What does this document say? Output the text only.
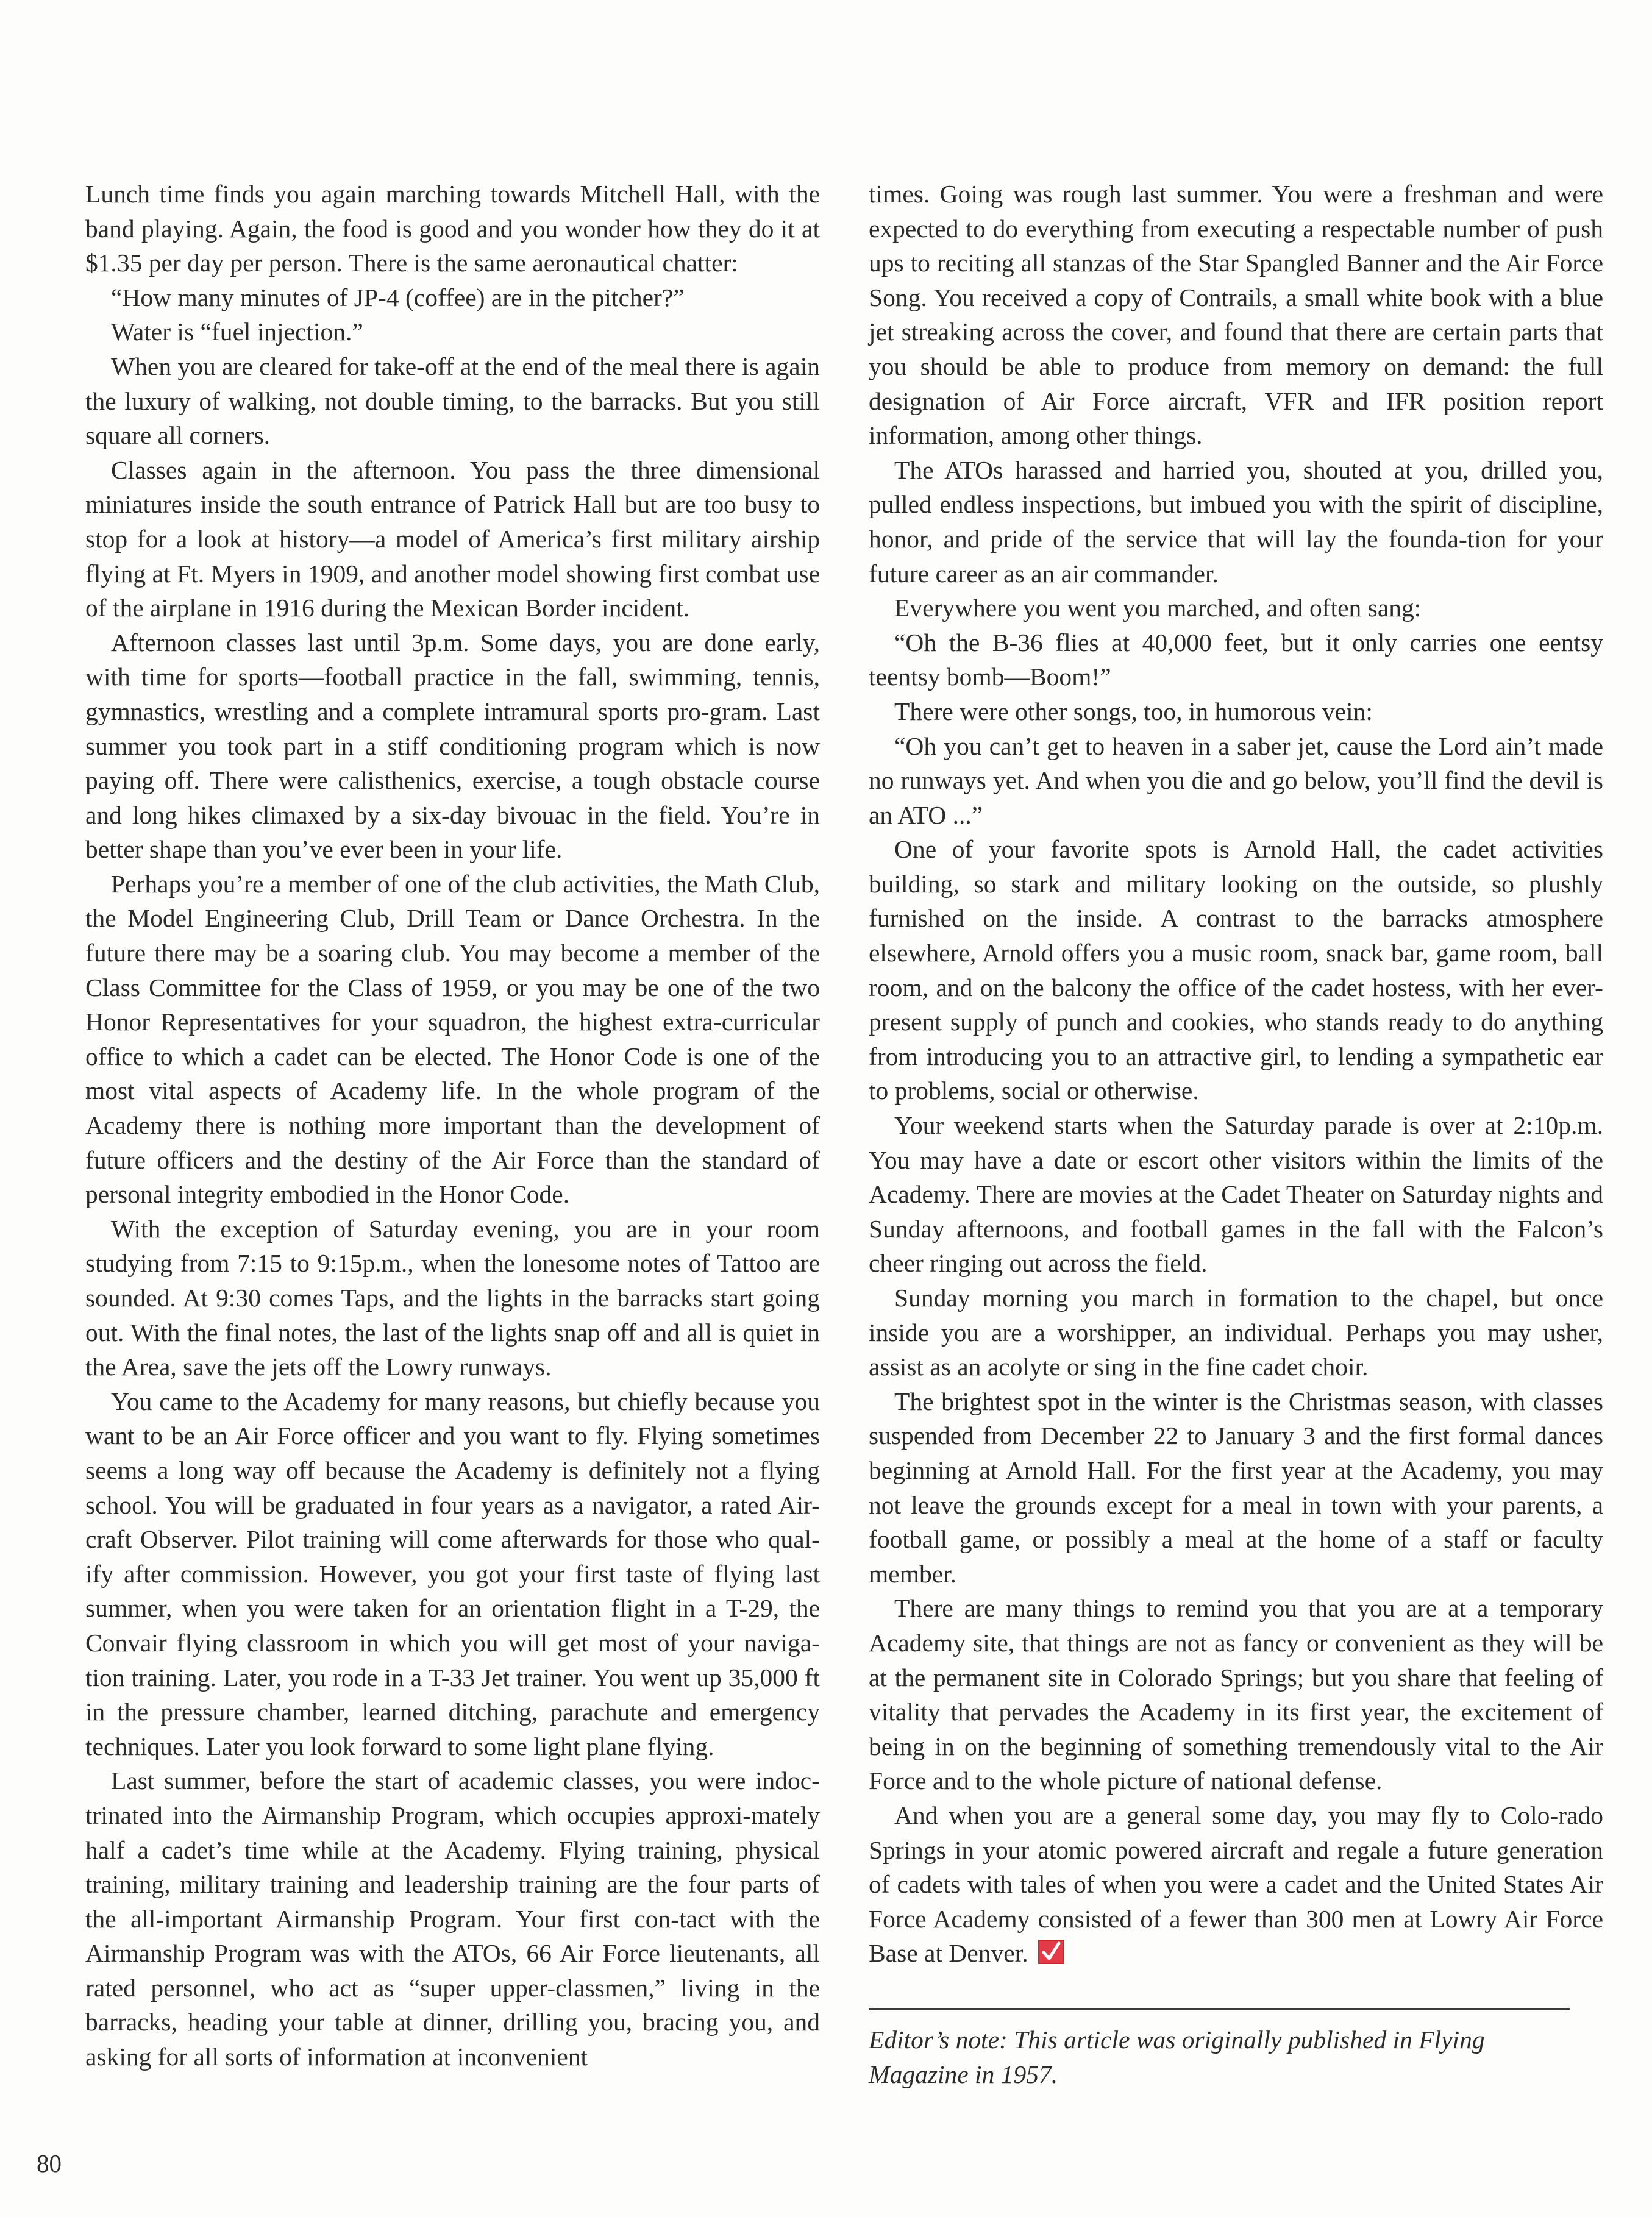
Lunch time finds you again marching towards Mitchell Hall, with the band playing. Again, the food is good and you wonder how they do it at $1.35 per day per person. There is the same aeronautical chatter:

“How many minutes of JP-4 (coffee) are in the pitcher?”

Water is “fuel injection.”

When you are cleared for take-off at the end of the meal there is again the luxury of walking, not double timing, to the barracks. But you still square all corners.

Classes again in the afternoon. You pass the three dimensional miniatures inside the south entrance of Patrick Hall but are too busy to stop for a look at history—a model of America’s first military airship flying at Ft. Myers in 1909, and another model showing first combat use of the airplane in 1916 during the Mexican Border incident.

Afternoon classes last until 3p.m. Some days, you are done early, with time for sports—football practice in the fall, swimming, tennis, gymnastics, wrestling and a complete intramural sports pro-gram. Last summer you took part in a stiff conditioning program which is now paying off. There were calisthenics, exercise, a tough obstacle course and long hikes climaxed by a six-day bivouac in the field. You’re in better shape than you’ve ever been in your life.

Perhaps you’re a member of one of the club activities, the Math Club, the Model Engineering Club, Drill Team or Dance Orchestra. In the future there may be a soaring club. You may become a member of the Class Committee for the Class of 1959, or you may be one of the two Honor Representatives for your squadron, the highest extra-curricular office to which a cadet can be elected. The Honor Code is one of the most vital aspects of Academy life. In the whole program of the Academy there is nothing more important than the development of future officers and the destiny of the Air Force than the standard of personal integrity embodied in the Honor Code.

With the exception of Saturday evening, you are in your room studying from 7:15 to 9:15p.m., when the lonesome notes of Tattoo are sounded. At 9:30 comes Taps, and the lights in the barracks start going out. With the final notes, the last of the lights snap off and all is quiet in the Area, save the jets off the Lowry runways.

You came to the Academy for many reasons, but chiefly because you want to be an Air Force officer and you want to fly. Flying sometimes seems a long way off because the Academy is definitely not a flying school. You will be graduated in four years as a navigator, a rated Air-craft Observer. Pilot training will come afterwards for those who qual-ify after commission. However, you got your first taste of flying last summer, when you were taken for an orientation flight in a T-29, the Convair flying classroom in which you will get most of your naviga-tion training. Later, you rode in a T-33 Jet trainer. You went up 35,000 ft in the pressure chamber, learned ditching, parachute and emergency techniques. Later you look forward to some light plane flying.

Last summer, before the start of academic classes, you were indoc-trinated into the Airmanship Program, which occupies approxi-mately half a cadet’s time while at the Academy. Flying training, physical training, military training and leadership training are the four parts of the all-important Airmanship Program. Your first con-tact with the Airmanship Program was with the ATOs, 66 Air Force lieutenants, all rated personnel, who act as “super upper-classmen,” living in the barracks, heading your table at dinner, drilling you, bracing you, and asking for all sorts of information at inconvenient

times. Going was rough last summer. You were a freshman and were expected to do everything from executing a respectable number of push ups to reciting all stanzas of the Star Spangled Banner and the Air Force Song. You received a copy of Contrails, a small white book with a blue jet streaking across the cover, and found that there are certain parts that you should be able to produce from memory on demand: the full designation of Air Force aircraft, VFR and IFR position report information, among other things.

The ATOs harassed and harried you, shouted at you, drilled you, pulled endless inspections, but imbued you with the spirit of discipline, honor, and pride of the service that will lay the founda-tion for your future career as an air commander.

Everywhere you went you marched, and often sang:

“Oh the B-36 flies at 40,000 feet, but it only carries one eentsy teentsy bomb—Boom!”

There were other songs, too, in humorous vein:

“Oh you can’t get to heaven in a saber jet, cause the Lord ain’t made no runways yet. And when you die and go below, you’ll find the devil is an ATO ...”

One of your favorite spots is Arnold Hall, the cadet activities building, so stark and military looking on the outside, so plushly furnished on the inside. A contrast to the barracks atmosphere elsewhere, Arnold offers you a music room, snack bar, game room, ball room, and on the balcony the office of the cadet hostess, with her ever-present supply of punch and cookies, who stands ready to do anything from introducing you to an attractive girl, to lending a sympathetic ear to problems, social or otherwise.

Your weekend starts when the Saturday parade is over at 2:10p.m. You may have a date or escort other visitors within the limits of the Academy. There are movies at the Cadet Theater on Saturday nights and Sunday afternoons, and football games in the fall with the Falcon’s cheer ringing out across the field.

Sunday morning you march in formation to the chapel, but once inside you are a worshipper, an individual. Perhaps you may usher, assist as an acolyte or sing in the fine cadet choir.

The brightest spot in the winter is the Christmas season, with classes suspended from December 22 to January 3 and the first formal dances beginning at Arnold Hall. For the first year at the Academy, you may not leave the grounds except for a meal in town with your parents, a football game, or possibly a meal at the home of a staff or faculty member.

There are many things to remind you that you are at a temporary Academy site, that things are not as fancy or convenient as they will be at the permanent site in Colorado Springs; but you share that feeling of vitality that pervades the Academy in its first year, the excitement of being in on the beginning of something tremendously vital to the Air Force and to the whole picture of national defense.

And when you are a general some day, you may fly to Colo-rado Springs in your atomic powered aircraft and regale a future generation of cadets with tales of when you were a cadet and the United States Air Force Academy consisted of a fewer than 300 men at Lowry Air Force Base at Denver.

Editor’s note: This article was originally published in Flying Magazine in 1957.
80
